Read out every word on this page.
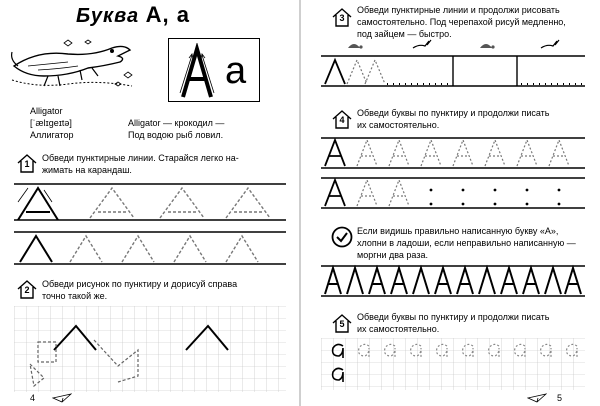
Буква А, а
а
Alligator
[ˈælɪɡeɪtə]
Аллигатор
Alligator — крокодил —
Под водою рыб ловил.
1
Обведи пунктирные линии. Старайся легко на-
жимать на карандаш.
2
Обведи рисунок по пунктиру и дорисуй справа
точно такой же.
4
3
Обведи пунктирные линии и продолжи рисовать
самостоятельно. Под черепахой рисуй медленно,
под зайцем — быстро.
4
Обведи буквы по пунктиру и продолжи писать
их самостоятельно.
Если видишь правильно написанную букву «А»,
хлопни в ладоши, если неправильно написанную —
моргни два раза.
5
Обведи буквы по пунктиру и продолжи писать
их самостоятельно.
5
